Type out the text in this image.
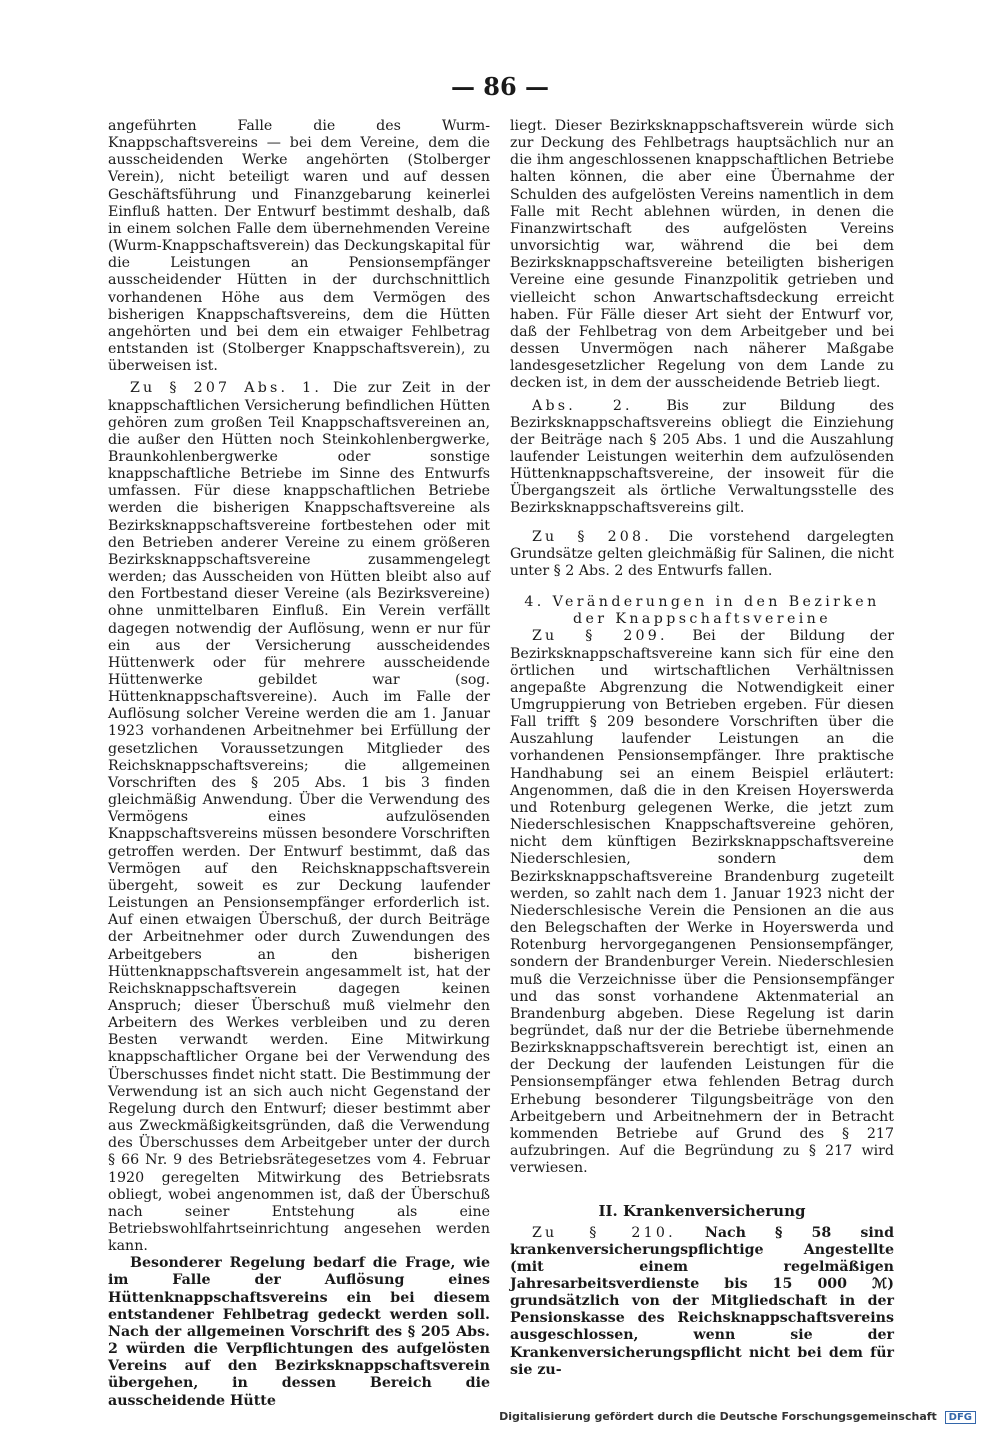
— 86 —

angeführten Falle die des Wurm-Knappschaftsvereins — bei dem Vereine, dem die ausscheidenden Werke angehörten (Stolberger Verein), nicht beteiligt waren und auf dessen Geschäftsführung und Finanzgebarung keinerlei Einfluß hatten. Der Entwurf bestimmt deshalb, daß in einem solchen Falle dem übernehmenden Vereine (Wurm-Knappschaftsverein) das Deckungskapital für die Leistungen an Pensionsempfänger ausscheidender Hütten in der durchschnittlich vorhandenen Höhe aus dem Vermögen des bisherigen Knappschaftsvereins, dem die Hütten angehörten und bei dem ein etwaiger Fehlbetrag entstanden ist (Stolberger Knappschaftsverein), zu überweisen ist.

Zu § 207 Abs. 1. Die zur Zeit in der knappschaftlichen Versicherung befindlichen Hütten gehören zum großen Teil Knappschaftsvereinen an, die außer den Hütten noch Steinkohlenbergwerke, Braunkohlenbergwerke oder sonstige knappschaftliche Betriebe im Sinne des Entwurfs umfassen. Für diese knappschaftlichen Betriebe werden die bisherigen Knappschaftsvereine als Bezirksknappschaftsvereine fortbestehen oder mit den Betrieben anderer Vereine zu einem größeren Bezirksknappschaftsvereine zusammengelegt werden; das Ausscheiden von Hütten bleibt also auf den Fortbestand dieser Vereine (als Bezirksvereine) ohne unmittelbaren Einfluß. Ein Verein verfällt dagegen notwendig der Auflösung, wenn er nur für ein aus der Versicherung ausscheidendes Hüttenwerk oder für mehrere ausscheidende Hüttenwerke gebildet war (sog. Hüttenknappschaftsvereine). Auch im Falle der Auflösung solcher Vereine werden die am 1. Januar 1923 vorhandenen Arbeitnehmer bei Erfüllung der gesetzlichen Voraussetzungen Mitglieder des Reichsknappschaftsvereins; die allgemeinen Vorschriften des § 205 Abs. 1 bis 3 finden gleichmäßig Anwendung. Über die Verwendung des Vermögens eines aufzulösenden Knappschaftsvereins müssen besondere Vorschriften getroffen werden. Der Entwurf bestimmt, daß das Vermögen auf den Reichsknappschaftsverein übergeht, soweit es zur Deckung laufender Leistungen an Pensionsempfänger erforderlich ist. Auf einen etwaigen Überschuß, der durch Beiträge der Arbeitnehmer oder durch Zuwendungen des Arbeitgebers an den bisherigen Hüttenknappschaftsverein angesammelt ist, hat der Reichsknappschaftsverein dagegen keinen Anspruch; dieser Überschuß muß vielmehr den Arbeitern des Werkes verbleiben und zu deren Besten verwandt werden. Eine Mitwirkung knappschaftlicher Organe bei der Verwendung des Überschusses findet nicht statt. Die Bestimmung der Verwendung ist an sich auch nicht Gegenstand der Regelung durch den Entwurf; dieser bestimmt aber aus Zweckmäßigkeitsgründen, daß die Verwendung des Überschusses dem Arbeitgeber unter der durch § 66 Nr. 9 des Betriebsrätegesetzes vom 4. Februar 1920 geregelten Mitwirkung des Betriebsrats obliegt, wobei angenommen ist, daß der Überschuß nach seiner Entstehung als eine Betriebswohlfahrtseinrichtung angesehen werden kann.

Besonderer Regelung bedarf die Frage, wie im Falle der Auflösung eines Hüttenknappschaftsvereins ein bei diesem entstandener Fehlbetrag gedeckt werden soll. Nach der allgemeinen Vorschrift des § 205 Abs. 2 würden die Verpflichtungen des aufgelösten Vereins auf den Bezirksknappschaftsverein übergehen, in dessen Bereich die ausscheidende Hütte

liegt. Dieser Bezirksknappschaftsverein würde sich zur Deckung des Fehlbetrags hauptsächlich nur an die ihm angeschlossenen knappschaftlichen Betriebe halten können, die aber eine Übernahme der Schulden des aufgelösten Vereins namentlich in dem Falle mit Recht ablehnen würden, in denen die Finanzwirtschaft des aufgelösten Vereins unvorsichtig war, während die bei dem Bezirksknappschaftsvereine beteiligten bisherigen Vereine eine gesunde Finanzpolitik getrieben und vielleicht schon Anwartschaftsdeckung erreicht haben. Für Fälle dieser Art sieht der Entwurf vor, daß der Fehlbetrag von dem Arbeitgeber und bei dessen Unvermögen nach näherer Maßgabe landesgesetzlicher Regelung von dem Lande zu decken ist, in dem der ausscheidende Betrieb liegt.

Abs. 2. Bis zur Bildung des Bezirksknappschaftsvereins obliegt die Einziehung der Beiträge nach § 205 Abs. 1 und die Auszahlung laufender Leistungen weiterhin dem aufzulösenden Hüttenknappschaftsvereine, der insoweit für die Übergangszeit als örtliche Verwaltungsstelle des Bezirksknappschaftsvereins gilt.

Zu § 208. Die vorstehend dargelegten Grundsätze gelten gleichmäßig für Salinen, die nicht unter § 2 Abs. 2 des Entwurfs fallen.

4. Veränderungen in den Bezirken der Knappschaftsvereine

Zu § 209. Bei der Bildung der Bezirksknappschaftsvereine kann sich für eine den örtlichen und wirtschaftlichen Verhältnissen angepaßte Abgrenzung die Notwendigkeit einer Umgruppierung von Betrieben ergeben. Für diesen Fall trifft § 209 besondere Vorschriften über die Auszahlung laufender Leistungen an die vorhandenen Pensionsempfänger. Ihre praktische Handhabung sei an einem Beispiel erläutert: Angenommen, daß die in den Kreisen Hoyerswerda und Rotenburg gelegenen Werke, die jetzt zum Niederschlesischen Knappschaftsvereine gehören, nicht dem künftigen Bezirksknappschaftsvereine Niederschlesien, sondern dem Bezirksknappschaftsvereine Brandenburg zugeteilt werden, so zahlt nach dem 1. Januar 1923 nicht der Niederschlesische Verein die Pensionen an die aus den Belegschaften der Werke in Hoyerswerda und Rotenburg hervorgegangenen Pensionsempfänger, sondern der Brandenburger Verein. Niederschlesien muß die Verzeichnisse über die Pensionsempfänger und das sonst vorhandene Aktenmaterial an Brandenburg abgeben. Diese Regelung ist darin begründet, daß nur der die Betriebe übernehmende Bezirksknappschaftsverein berechtigt ist, einen an der Deckung der laufenden Leistungen für die Pensionsempfänger etwa fehlenden Betrag durch Erhebung besonderer Tilgungsbeiträge von den Arbeitgebern und Arbeitnehmern der in Betracht kommenden Betriebe auf Grund des § 217 aufzubringen. Auf die Begründung zu § 217 wird verwiesen.

II. Krankenversicherung

Zu § 210. Nach § 58 sind krankenversicherungspflichtige Angestellte (mit einem regelmäßigen Jahresarbeitsverdienste bis 15 000 ℳ) grundsätzlich von der Mitgliedschaft in der Pensionskasse des Reichsknappschaftsvereins ausgeschlossen, wenn sie der Krankenversicherungspflicht nicht bei dem für sie zu-

Digitalisierung gefördert durch die Deutsche Forschungsgemeinschaft DFG
